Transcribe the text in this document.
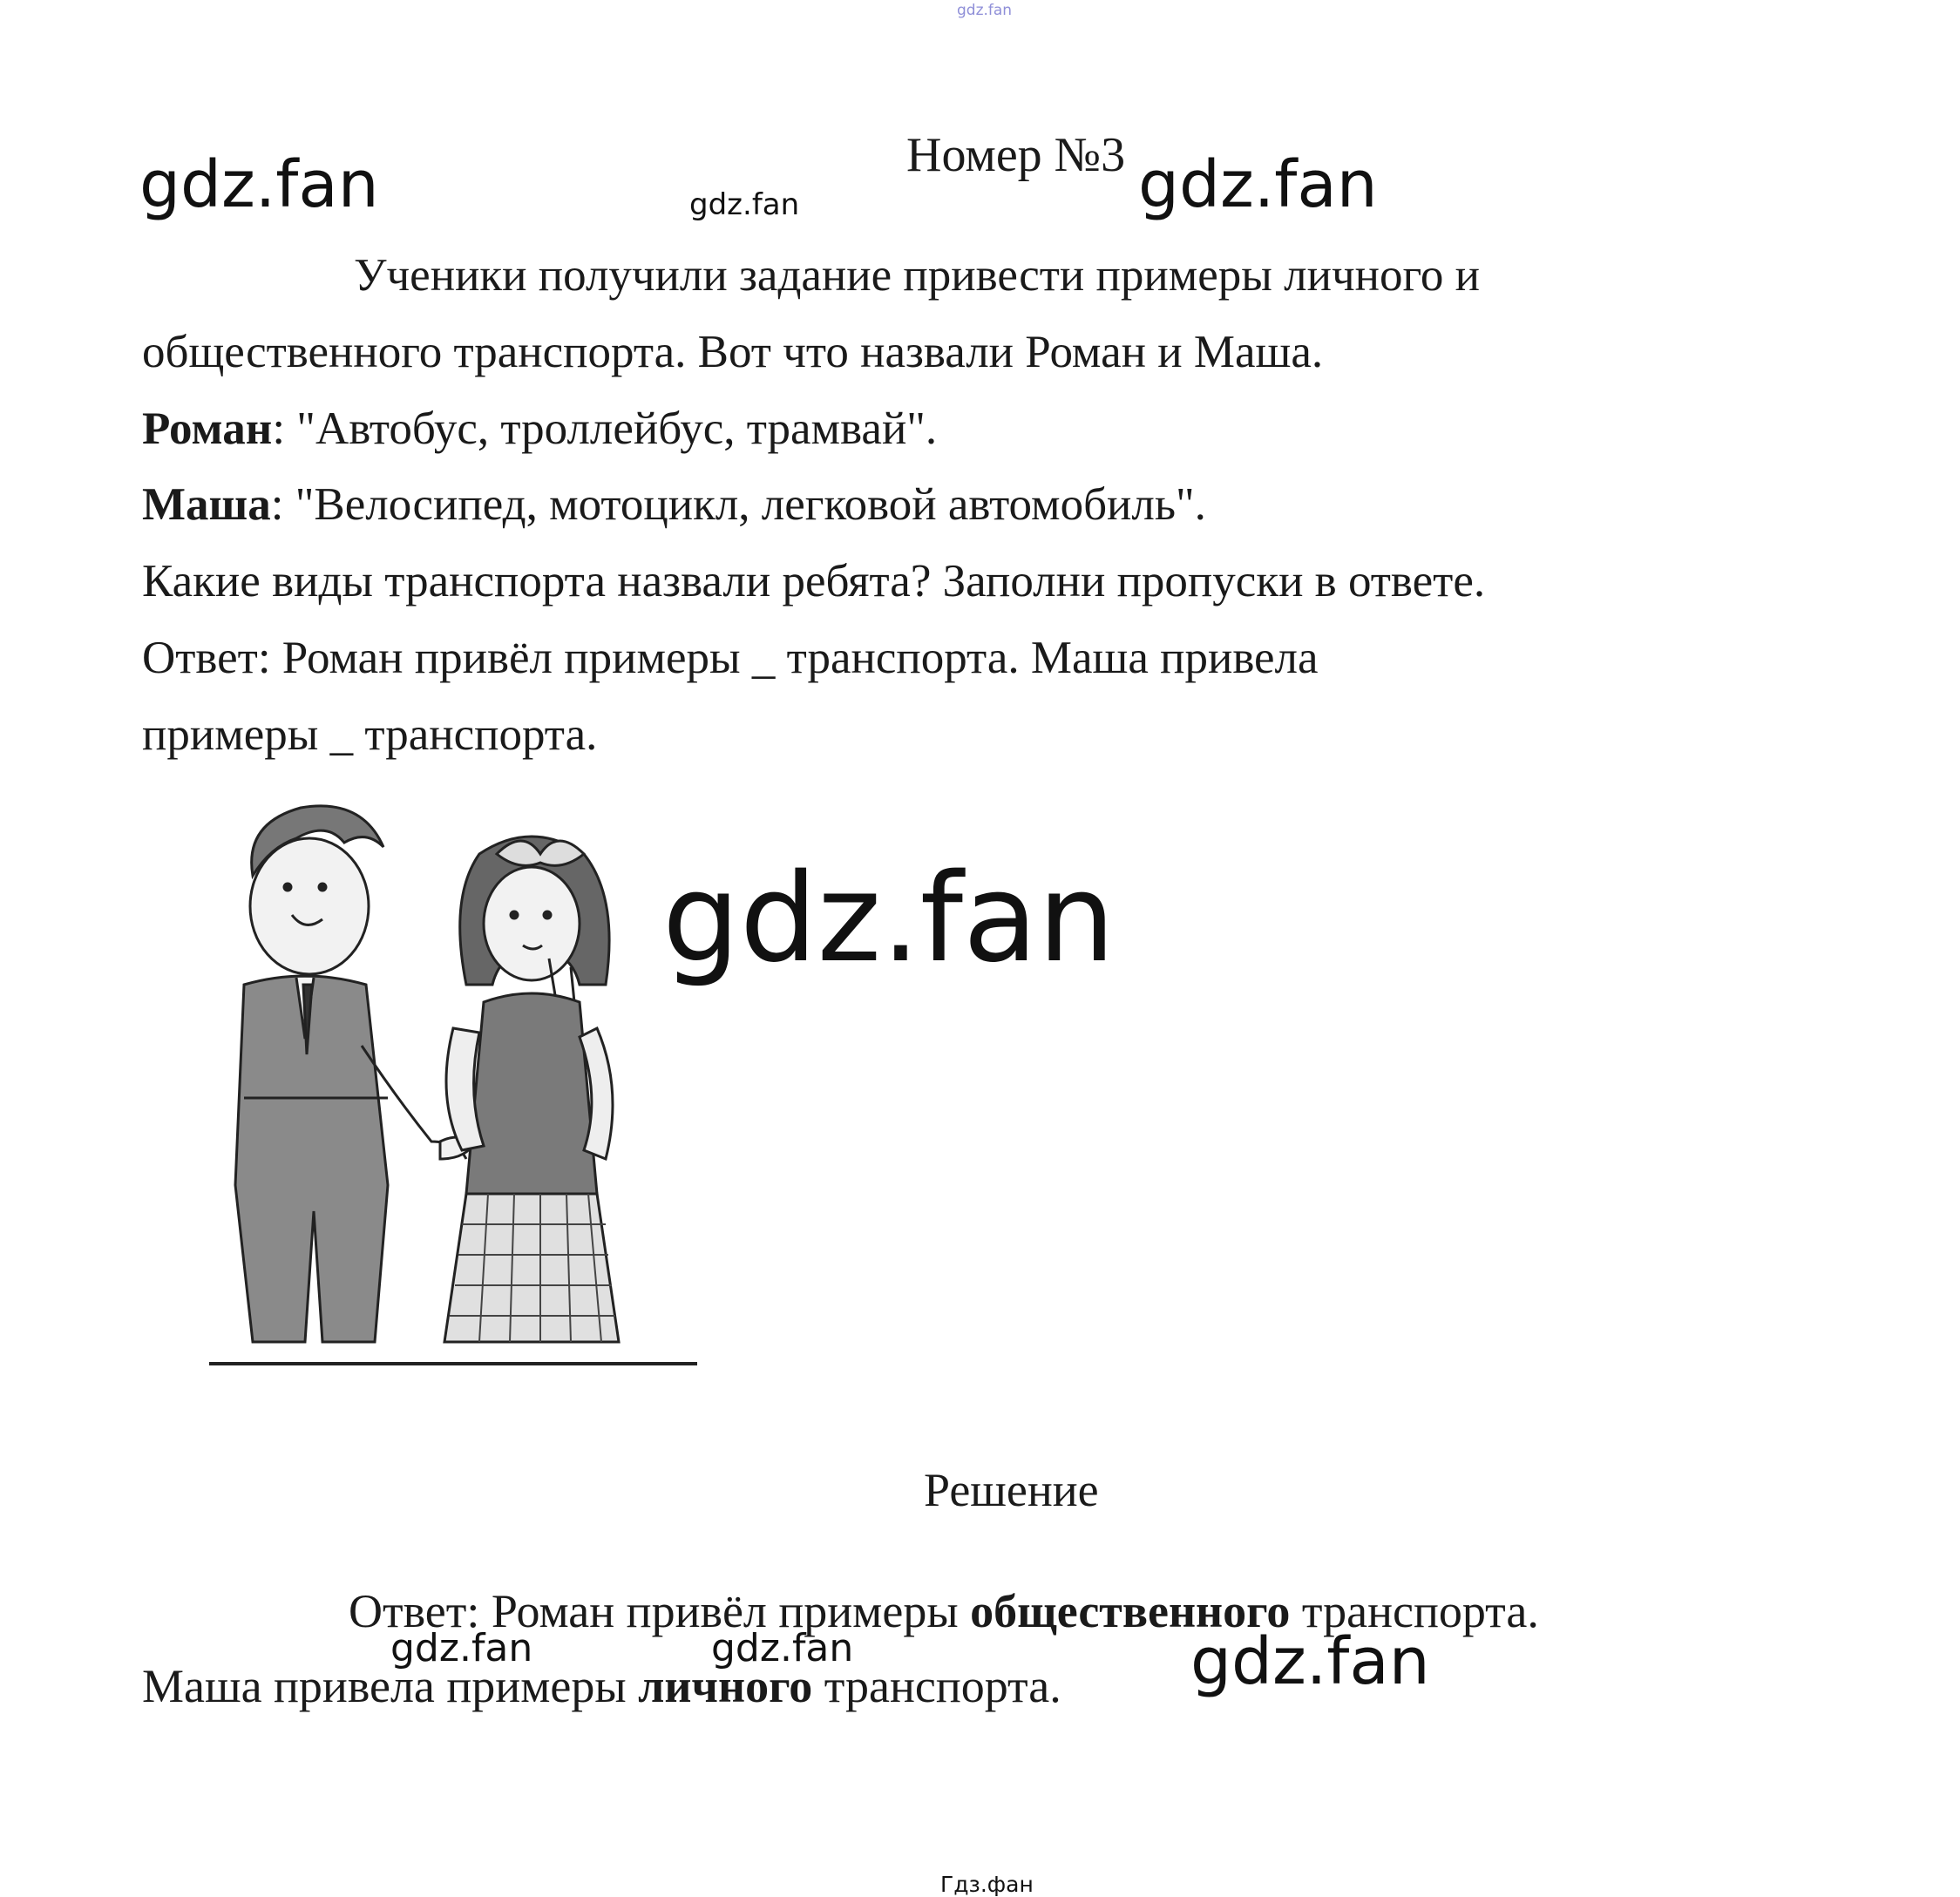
gdz.fan
gdz.fan	gdz.fan	gdz.fan
Номер №3
Ученики получили задание привести примеры личного и
общественного транспорта. Вот что назвали Роман и Маша.
Роман: "Автобус, троллейбус, трамвай".
Маша: "Велосипед, мотоцикл, легковой автомобиль".
Какие виды транспорта назвали ребята? Заполни пропуски в ответе.
Ответ: Роман привёл примеры _ транспорта. Маша привела
примеры _ транспорта.
gdz.fan
Решение
Ответ: Роман привёл примеры общественного транспорта.
Маша привела примеры личного транспорта.
gdz.fan	gdz.fan	gdz.fan
Гдз.фан
